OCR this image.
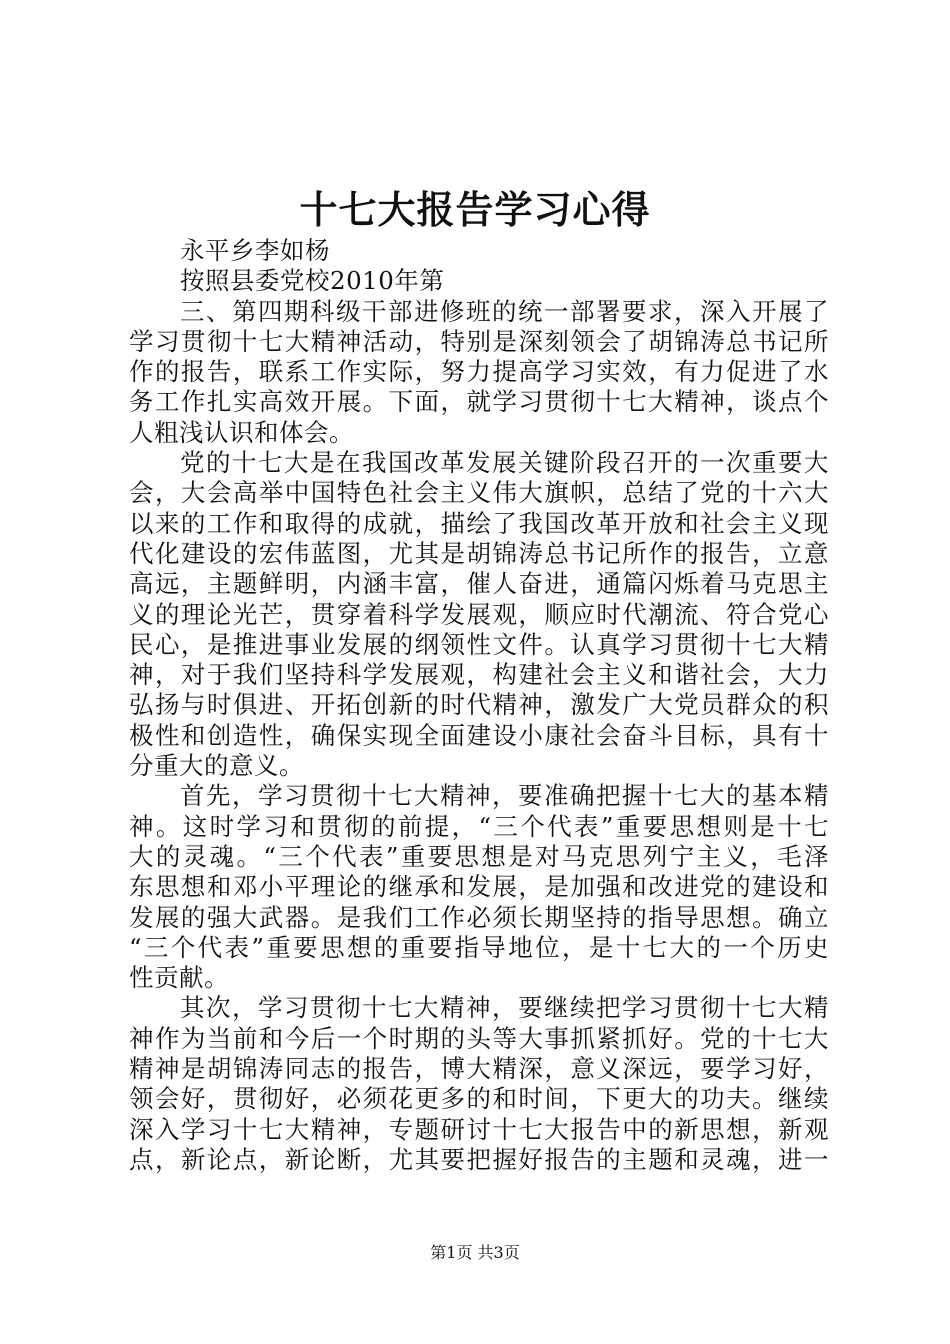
十七大报告学习心得
永平乡李如杨
按照县委党校2010年第
三、第四期科级干部进修班的统一部署要求，深入开展了
学习贯彻十七大精神活动，特别是深刻领会了胡锦涛总书记所
作的报告，联系工作实际，努力提高学习实效，有力促进了水
务工作扎实高效开展。下面，就学习贯彻十七大精神，谈点个
人粗浅认识和体会。
党的十七大是在我国改革发展关键阶段召开的一次重要大
会，大会高举中国特色社会主义伟大旗帜，总结了党的十六大
以来的工作和取得的成就，描绘了我国改革开放和社会主义现
代化建设的宏伟蓝图，尤其是胡锦涛总书记所作的报告，立意
高远，主题鲜明，内涵丰富，催人奋进，通篇闪烁着马克思主
义的理论光芒，贯穿着科学发展观，顺应时代潮流、符合党心
民心，是推进事业发展的纲领性文件。认真学习贯彻十七大精
神，对于我们坚持科学发展观，构建社会主义和谐社会，大力
弘扬与时俱进、开拓创新的时代精神，激发广大党员群众的积
极性和创造性，确保实现全面建设小康社会奋斗目标，具有十
分重大的意义。
首先，学习贯彻十七大精神，要准确把握十七大的基本精
神。这时学习和贯彻的前提，“三个代表”重要思想则是十七
大的灵魂。“三个代表”重要思想是对马克思列宁主义，毛泽
东思想和邓小平理论的继承和发展，是加强和改进党的建设和
发展的强大武器。是我们工作必须长期坚持的指导思想。确立
“三个代表”重要思想的重要指导地位，是十七大的一个历史
性贡献。
其次，学习贯彻十七大精神，要继续把学习贯彻十七大精
神作为当前和今后一个时期的头等大事抓紧抓好。党的十七大
精神是胡锦涛同志的报告，博大精深，意义深远，要学习好，
领会好，贯彻好，必须花更多的和时间，下更大的功夫。继续
深入学习十七大精神，专题研讨十七大报告中的新思想，新观
点，新论点，新论断，尤其要把握好报告的主题和灵魂，进一
第1页 共3页
